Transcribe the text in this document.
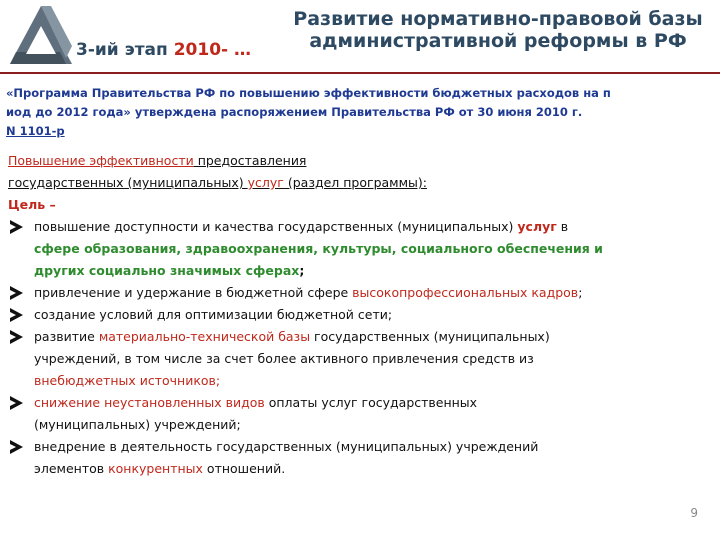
3-ий этап 2010- …
Развитие нормативно-правовой базы
административной реформы в РФ
«Программа Правительства РФ по повышению эффективности бюджетных расходов на п
иод до 2012 года» утверждена распоряжением Правительства РФ от 30 июня 2010 г.
N 1101-р
Повышение эффективности предоставления
государственных (муниципальных) услуг (раздел программы):
Цель –
повышение доступности и качества государственных (муниципальных) услуг в
сфере образования, здравоохранения, культуры, социального обеспечения и
других социально значимых сферах;
привлечение и удержание в бюджетной сфере высокопрофессиональных кадров;
создание условий для оптимизации бюджетной сети;
развитие материально-технической базы государственных (муниципальных)
учреждений, в том числе за счет более активного привлечения средств из
внебюджетных источников;
снижение неустановленных видов оплаты услуг государственных
(муниципальных) учреждений;
внедрение в деятельность государственных (муниципальных) учреждений
элементов конкурентных отношений.
9
